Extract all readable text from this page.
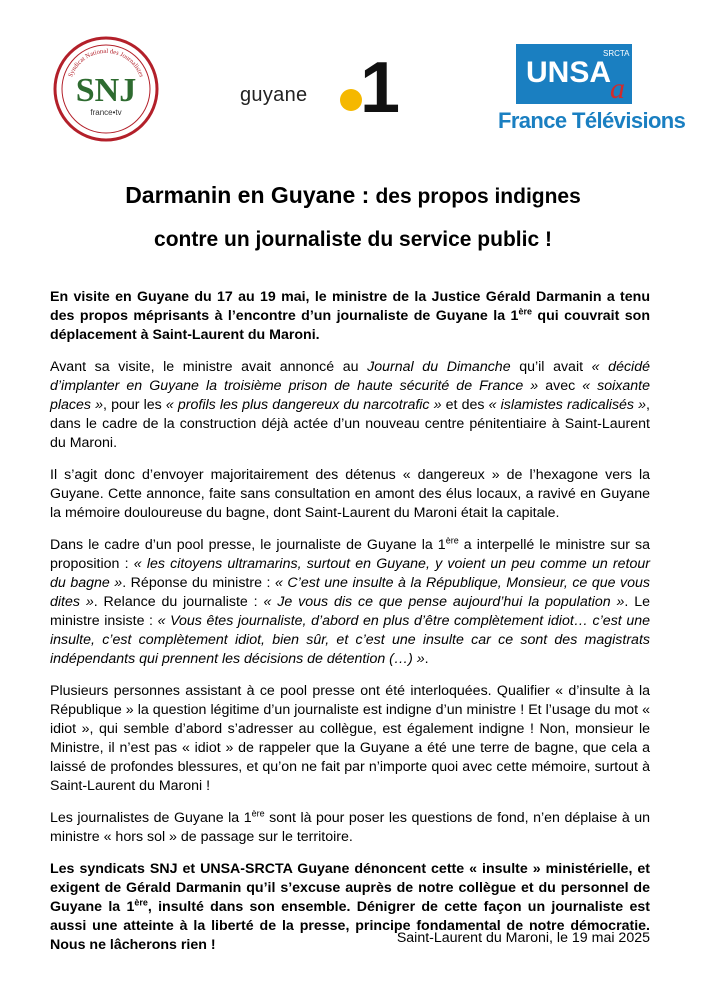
Syndicat National des Journalistes
SNJ
france•tv
guyane 1	UNSA
SRCTA
a
France Télévisions
Darmanin en Guyane : des propos indignes
contre un journaliste du service public !

En visite en Guyane du 17 au 19 mai, le ministre de la Justice Gérald Darmanin a tenu des propos méprisants à l’encontre d’un journaliste de Guyane la 1ère qui couvrait son déplacement à Saint-Laurent du Maroni.

Avant sa visite, le ministre avait annoncé au Journal du Dimanche qu’il avait « décidé d’implanter en Guyane la troisième prison de haute sécurité de France » avec « soixante places », pour les « profils les plus dangereux du narcotrafic » et des « islamistes radicalisés », dans le cadre de la construction déjà actée d’un nouveau centre pénitentiaire à Saint-Laurent du Maroni.

Il s’agit donc d’envoyer majoritairement des détenus « dangereux » de l’hexagone vers la Guyane. Cette annonce, faite sans consultation en amont des élus locaux, a ravivé en Guyane la mémoire douloureuse du bagne, dont Saint-Laurent du Maroni était la capitale.

Dans le cadre d’un pool presse, le journaliste de Guyane la 1ère a interpellé le ministre sur sa proposition : « les citoyens ultramarins, surtout en Guyane, y voient un peu comme un retour du bagne ». Réponse du ministre : « C’est une insulte à la République, Monsieur, ce que vous dites ». Relance du journaliste : « Je vous dis ce que pense aujourd’hui la population ». Le ministre insiste : « Vous êtes journaliste, d’abord en plus d’être complètement idiot… c’est une insulte, c’est complètement idiot, bien sûr, et c’est une insulte car ce sont des magistrats indépendants qui prennent les décisions de détention (…) ».

Plusieurs personnes assistant à ce pool presse ont été interloquées. Qualifier « d’insulte à la République » la question légitime d’un journaliste est indigne d’un ministre ! Et l’usage du mot « idiot », qui semble d’abord s’adresser au collègue, est également indigne ! Non, monsieur le Ministre, il n’est pas « idiot » de rappeler que la Guyane a été une terre de bagne, que cela a laissé de profondes blessures, et qu’on ne fait par n’importe quoi avec cette mémoire, surtout à Saint-Laurent du Maroni !

Les journalistes de Guyane la 1ère sont là pour poser les questions de fond, n’en déplaise à un ministre « hors sol » de passage sur le territoire.

Les syndicats SNJ et UNSA-SRCTA Guyane dénoncent cette « insulte » ministérielle, et exigent de Gérald Darmanin qu’il s’excuse auprès de notre collègue et du personnel de Guyane la 1ère, insulté dans son ensemble. Dénigrer de cette façon un journaliste est aussi une atteinte à la liberté de la presse, principe fondamental de notre démocratie. Nous ne lâcherons rien !	Saint-Laurent du Maroni, le 19 mai 2025
